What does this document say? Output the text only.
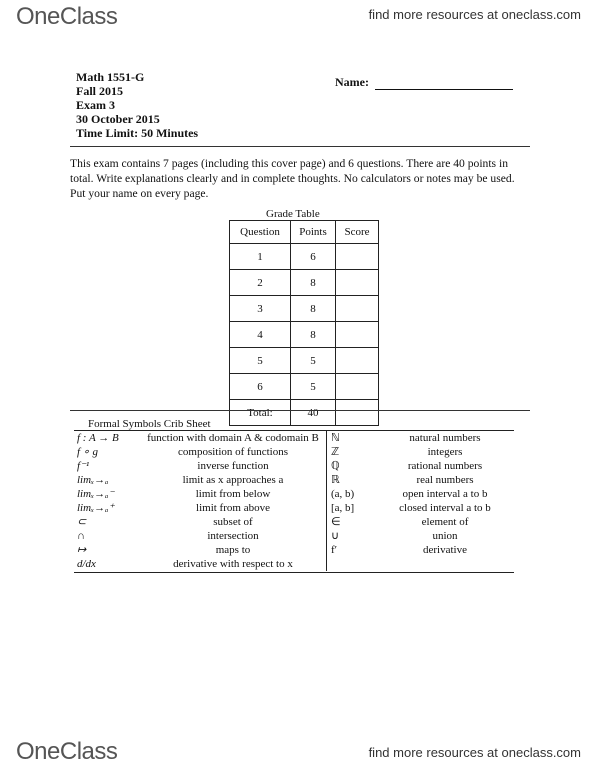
OneClass	find more resources at oneclass.com
Math 1551-G
Fall 2015
Exam 3
30 October 2015
Time Limit: 50 Minutes
Name:
This exam contains 7 pages (including this cover page) and 6 questions. There are 40 points in total. Write explanations clearly and in complete thoughts. No calculators or notes may be used. Put your name on every page.
Grade Table
Question	Points	Score
1	6	
2	8	
3	8	
4	8	
5	5	
6	5	
Total:	40	
Formal Symbols Crib Sheet
f : A → B	function with domain A & codomain B	ℕ	natural numbers
f ∘ g	composition of functions	ℤ	integers
f⁻¹	inverse function	ℚ	rational numbers
limₓ→ₐ	limit as x approaches a	ℝ	real numbers
limₓ→ₐ⁻	limit from below	(a, b)	open interval a to b
limₓ→ₐ⁺	limit from above	[a, b]	closed interval a to b
⊂	subset of	∈	element of
∩	intersection	∪	union
↦	maps to	f′	derivative
d/dx	derivative with respect to x		
OneClass	find more resources at oneclass.com
